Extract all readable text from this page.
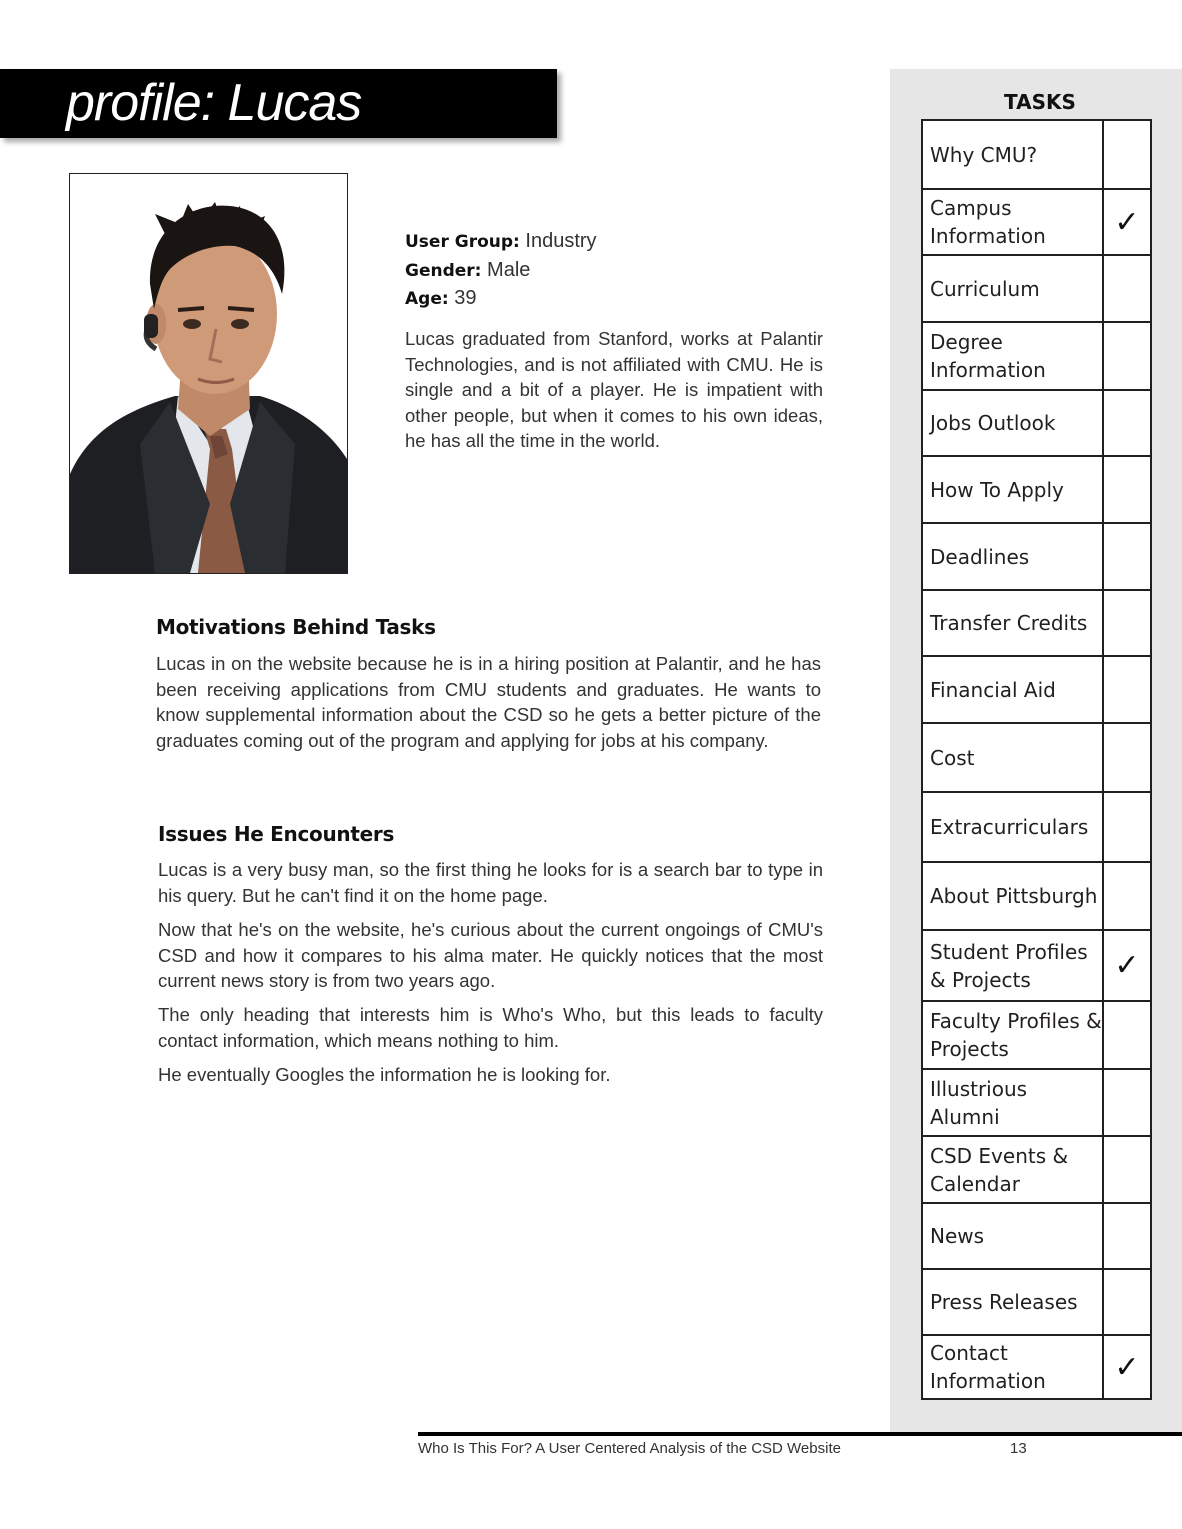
profile: Lucas
User Group: Industry
Gender: Male
Age: 39

Lucas graduated from Stanford, works at Palantir Technologies, and is not affiliated with CMU. He is single and a bit of a player. He is impatient with other people, but when it comes to his own ideas, he has all the time in the world.

Motivations Behind Tasks

Lucas in on the website because he is in a hiring position at Palantir, and he has been receiving applications from CMU students and graduates. He wants to know supplemental information about the CSD so he gets a better picture of the graduates coming out of the program and applying for jobs at his company.

Issues He Encounters

Lucas is a very busy man, so the first thing he looks for is a search bar to type in his query. But he can't find it on the home page.

Now that he's on the website, he's curious about the current ongoings of CMU's CSD and how it compares to his alma mater. He quickly notices that the most current news story is from two years ago.

The only heading that interests him is Who's Who, but this leads to faculty contact information, which means nothing to him.

He eventually Googles the information he is looking for.

TASKS
Why CMU?
Campus Information	✓
Curriculum
Degree Information
Jobs Outlook
How To Apply
Deadlines
Transfer Credits
Financial Aid
Cost
Extracurriculars
About Pittsburgh
Student Profiles & Projects	✓
Faculty Profiles & Projects
Illustrious Alumni
CSD Events & Calendar
News
Press Releases
Contact Information	✓
Who Is This For? A User Centered Analysis of the CSD Website	13
